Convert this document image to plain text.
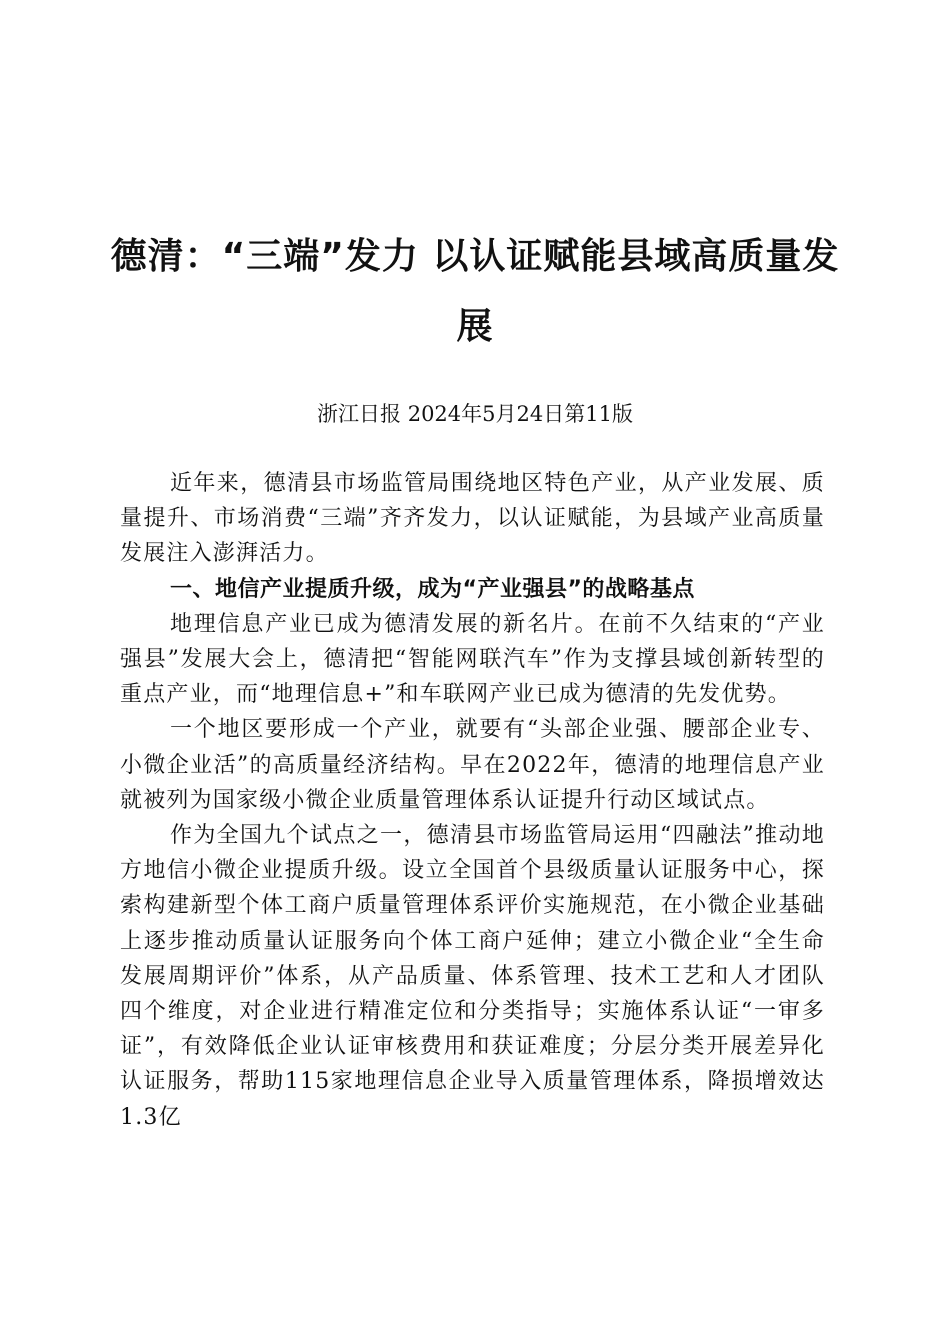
德清：“三端”发力 以认证赋能县域高质量发展

浙江日报 2024年5月24日第11版

近年来，德清县市场监管局围绕地区特色产业，从产业发展、质量提升、市场消费“三端”齐齐发力，以认证赋能，为县域产业高质量发展注入澎湃活力。

一、地信产业提质升级，成为“产业强县”的战略基点

地理信息产业已成为德清发展的新名片。在前不久结束的“产业强县”发展大会上，德清把“智能网联汽车”作为支撑县域创新转型的重点产业，而“地理信息+”和车联网产业已成为德清的先发优势。

一个地区要形成一个产业，就要有“头部企业强、腰部企业专、小微企业活”的高质量经济结构。早在2022年，德清的地理信息产业就被列为国家级小微企业质量管理体系认证提升行动区域试点。

作为全国九个试点之一，德清县市场监管局运用“四融法”推动地方地信小微企业提质升级。设立全国首个县级质量认证服务中心，探索构建新型个体工商户质量管理体系评价实施规范，在小微企业基础上逐步推动质量认证服务向个体工商户延伸；建立小微企业“全生命发展周期评价”体系，从产品质量、体系管理、技术工艺和人才团队四个维度，对企业进行精准定位和分类指导；实施体系认证“一审多证”，有效降低企业认证审核费用和获证难度；分层分类开展差异化认证服务，帮助115家地理信息企业导入质量管理体系，降损增效达1.3亿
